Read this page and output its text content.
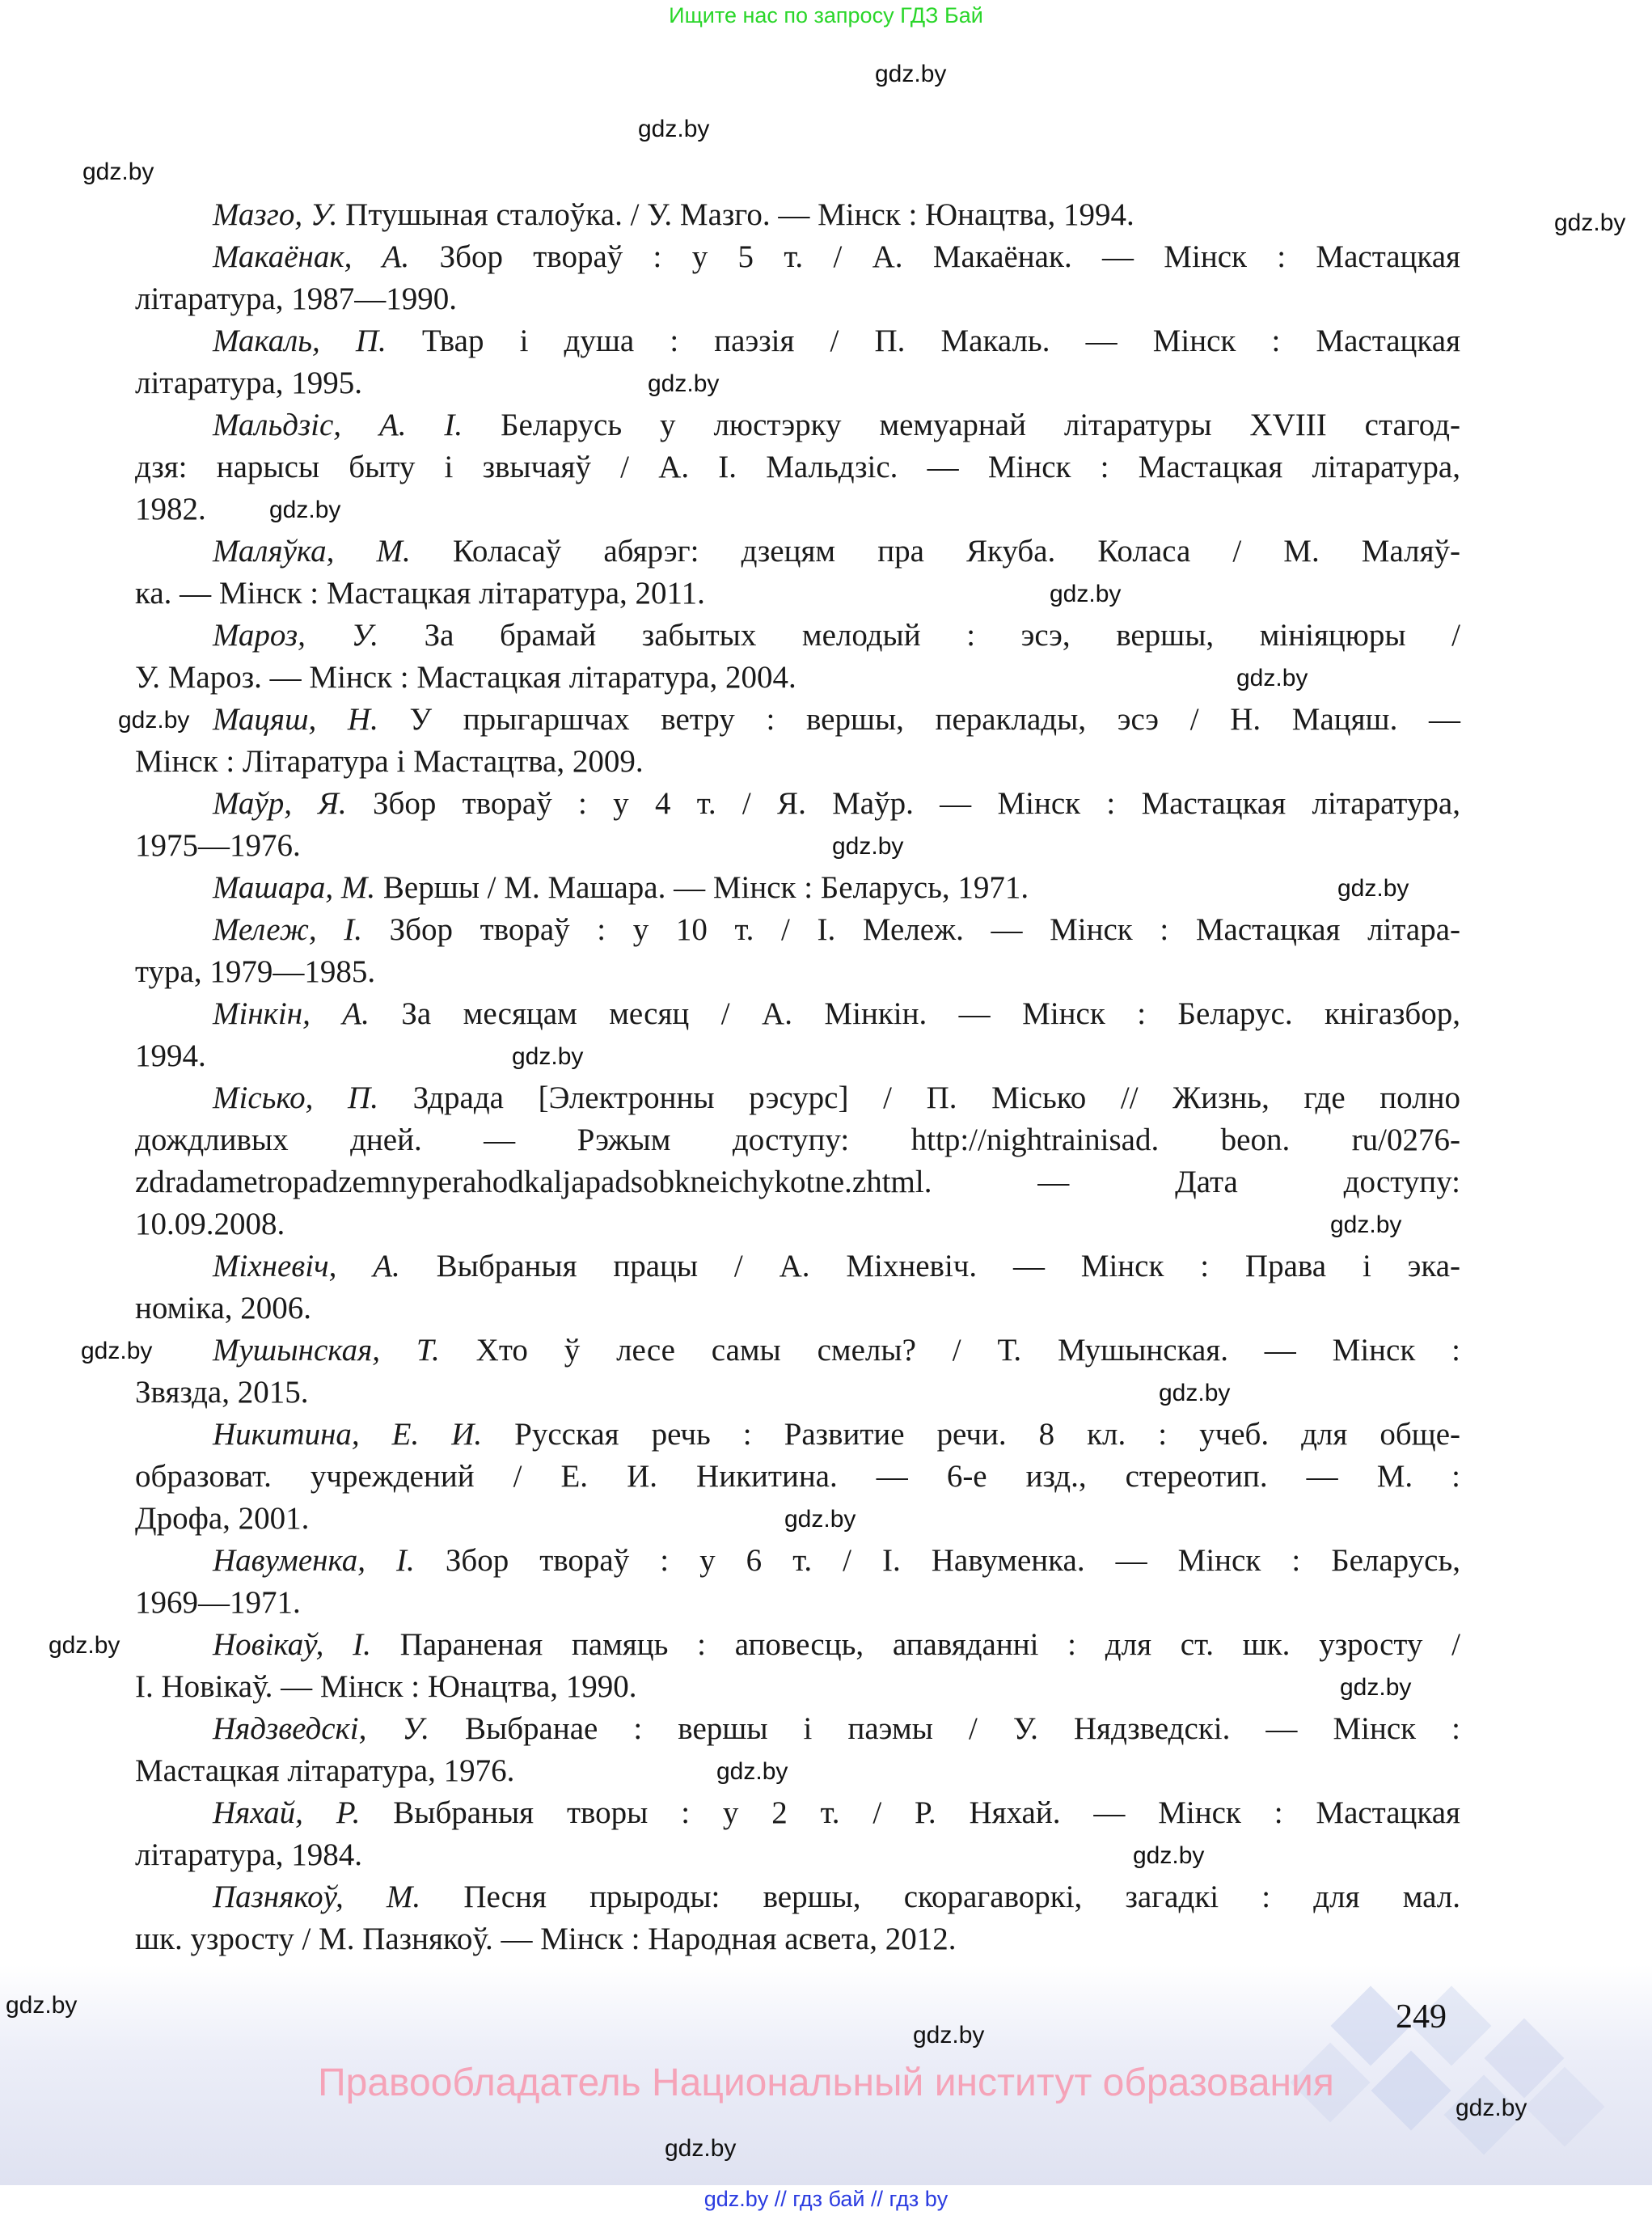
Ищите нас по запросу ГДЗ Бай
249
Правообладатель Национальный институт образования
gdz.by // гдз бай // гдз by
Мазго, У. Птушыная сталоўка. / У. Мазго. — Мінск : Юнацтва, 1994.
Макаёнак, А. Збор твораў : у 5 т. / А. Макаёнак. — Мінск : Мастацкая
літаратура, 1987—1990.
Макаль, П. Твар і душа : паэзія / П. Макаль. — Мінск : Мастацкая
літаратура, 1995.
Мальдзіс, А. І. Беларусь у люстэрку мемуарнай літаратуры XVIII стагод-
дзя: нарысы быту і звычаяў / А. І. Мальдзіс. — Мінск : Мастацкая літаратура,
1982.
Маляўка, М. Коласаў абярэг: дзецям пра Якуба. Коласа / М. Маляў-
ка. — Мінск : Мастацкая літаратура, 2011.
Мароз, У. За брамай забытых мелодый : эсэ, вершы, мініяцюры /
У. Мароз. — Мінск : Мастацкая літаратура, 2004.
Мацяш, Н. У прыгаршчах ветру : вершы, пераклады, эсэ / Н. Мацяш. —
Мінск : Літаратура і Мастацтва, 2009.
Маўр, Я. Збор твораў : у 4 т. / Я. Маўр. — Мінск : Мастацкая літаратура,
1975—1976.
Машара, М. Вершы / М. Машара. — Мінск : Беларусь, 1971.
Мележ, І. Збор твораў : у 10 т. / І. Мележ. — Мінск : Мастацкая літара-
тура, 1979—1985.
Мінкін, А. За месяцам месяц / А. Мінкін. — Мінск : Беларус. кнігазбор,
1994.
Місько, П. Здрада [Электронны рэсурс] / П. Місько // Жизнь, где полно
дождливых дней. — Рэжым доступу: http://nightrainisad. beon. ru/0276-
zdradametropadzemnyperahodkaljapadsobkneichykotne.zhtml. — Дата доступу:
10.09.2008.
Міхневіч, А. Выбраныя працы / А. Міхневіч. — Мінск : Права і эка-
номіка, 2006.
Мушынская, Т. Хто ў лесе самы смелы? / Т. Мушынская. — Мінск :
Звязда, 2015.
Никитина, Е. И. Русская речь : Развитие речи. 8 кл. : учеб. для обще-
образоват. учреждений / Е. И. Никитина. — 6-е изд., стереотип. — М. :
Дрофа, 2001.
Навуменка, І. Збор твораў : у 6 т. / І. Навуменка. — Мінск : Беларусь,
1969—1971.
Новікаў, І. Параненая памяць : аповесць, апавяданні : для ст. шк. узросту /
І. Новікаў. — Мінск : Юнацтва, 1990.
Нядзведскі, У. Выбранае : вершы і паэмы / У. Нядзведскі. — Мінск :
Мастацкая літаратура, 1976.
Няхай, Р. Выбраныя творы : у 2 т. / Р. Няхай. — Мінск : Мастацкая
літаратура, 1984.
Пазнякоў, М. Песня прыроды: вершы, скорагаворкі, загадкі : для мал.
шк. узросту / М. Пазнякоў. — Мінск : Народная асвета, 2012.
gdz.by
gdz.by
gdz.by
gdz.by
gdz.by
gdz.by
gdz.by
gdz.by
gdz.by
gdz.by
gdz.by
gdz.by
gdz.by
gdz.by
gdz.by
gdz.by
gdz.by
gdz.by
gdz.by
gdz.by
gdz.by
gdz.by
gdz.by
gdz.by
